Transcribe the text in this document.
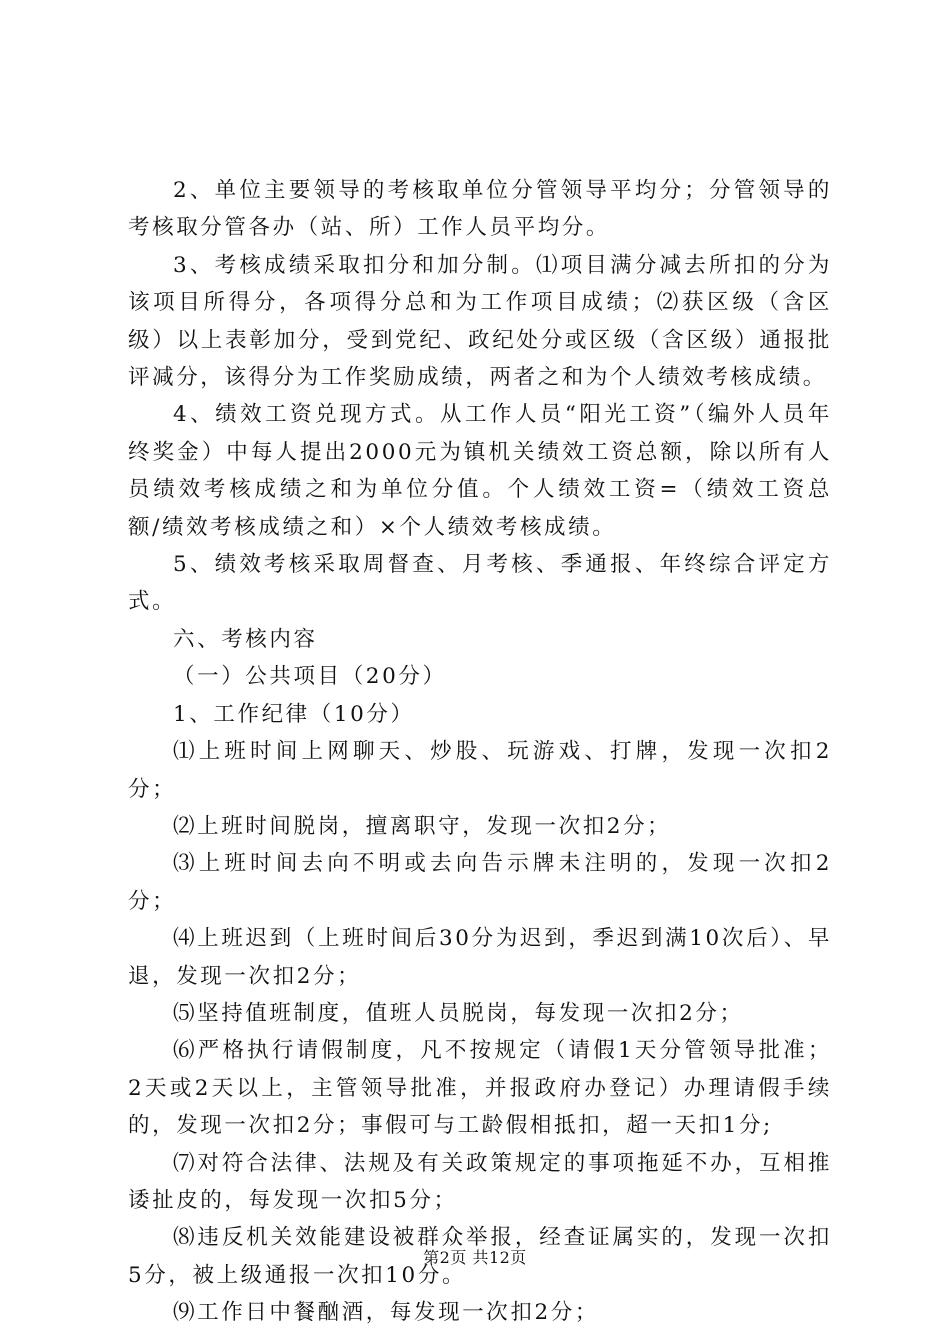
2、单位主要领导的考核取单位分管领导平均分；分管领导的考核取分管各办（站、所）工作人员平均分。

3、考核成绩采取扣分和加分制。⑴项目满分减去所扣的分为该项目所得分，各项得分总和为工作项目成绩；⑵获区级（含区级）以上表彰加分，受到党纪、政纪处分或区级（含区级）通报批评减分，该得分为工作奖励成绩，两者之和为个人绩效考核成绩。

4、绩效工资兑现方式。从工作人员“阳光工资”（编外人员年终奖金）中每人提出2000元为镇机关绩效工资总额，除以所有人员绩效考核成绩之和为单位分值。个人绩效工资=（绩效工资总额/绩效考核成绩之和）×个人绩效考核成绩。

5、绩效考核采取周督查、月考核、季通报、年终综合评定方式。

六、考核内容

（一）公共项目（20分）

1、工作纪律（10分）

⑴上班时间上网聊天、炒股、玩游戏、打牌，发现一次扣2分；

⑵上班时间脱岗，擅离职守，发现一次扣2分；

⑶上班时间去向不明或去向告示牌未注明的，发现一次扣2分；

⑷上班迟到（上班时间后30分为迟到，季迟到满10次后）、早退，发现一次扣2分；

⑸坚持值班制度，值班人员脱岗，每发现一次扣2分；

⑹严格执行请假制度，凡不按规定（请假1天分管领导批准；2天或2天以上，主管领导批准，并报政府办登记）办理请假手续的，发现一次扣2分；事假可与工龄假相抵扣，超一天扣1分;

⑺对符合法律、法规及有关政策规定的事项拖延不办，互相推诿扯皮的，每发现一次扣5分；

⑻违反机关效能建设被群众举报，经查证属实的，发现一次扣5分，被上级通报一次扣10分。

⑼工作日中餐酗酒，每发现一次扣2分；

第2页 共12页
